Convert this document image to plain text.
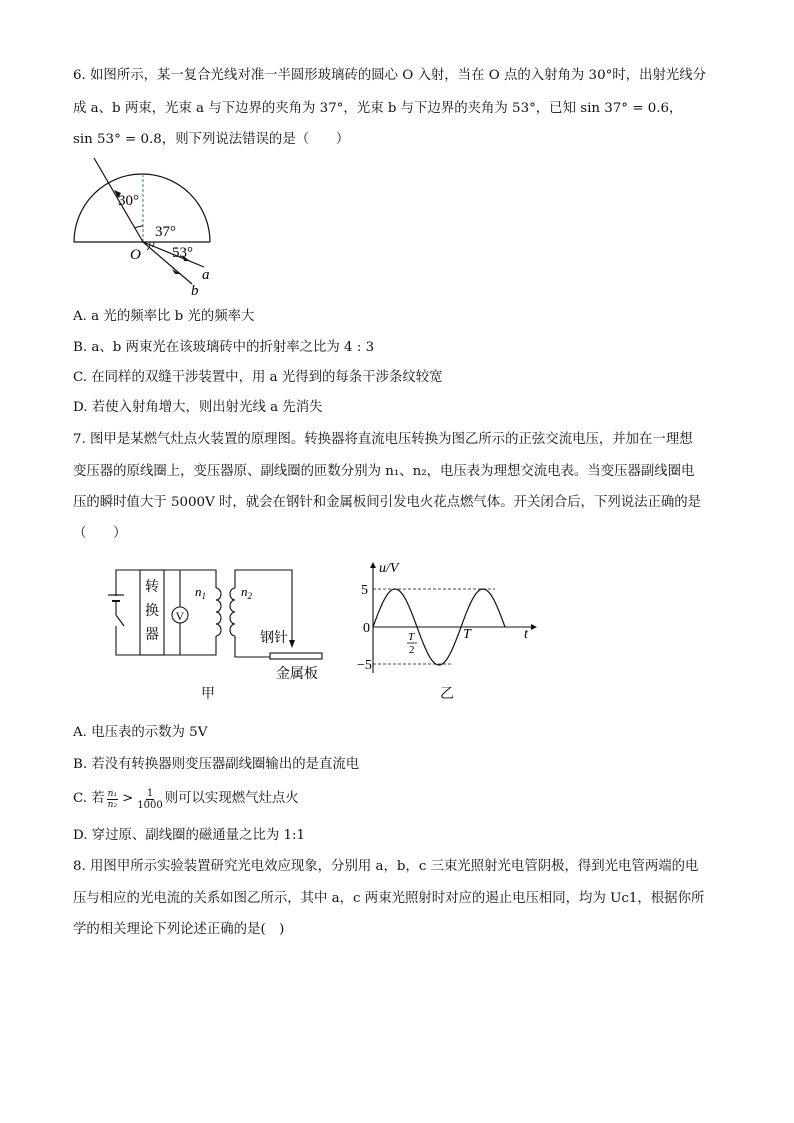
6. 如图所示，某一复合光线对准一半圆形玻璃砖的圆心 O 入射，当在 O 点的入射角为 30°时，出射光线分
成 a、b 两束，光束 a 与下边界的夹角为 37°，光束 b 与下边界的夹角为 53°，已知 sin 37° = 0.6，
sin 53° = 0.8，则下列说法错误的是（　　）
30°
37°
53°
O
a
b
A. a 光的频率比 b 光的频率大
B. a、b 两束光在该玻璃砖中的折射率之比为 4 : 3
C. 在同样的双缝干涉装置中，用 a 光得到的每条干涉条纹较宽
D. 若使入射角增大，则出射光线 a 先消失
7. 图甲是某燃气灶点火装置的原理图。转换器将直流电压转换为图乙所示的正弦交流电压，并加在一理想
变压器的原线圈上，变压器原、副线圈的匝数分别为 n₁、n₂，电压表为理想交流电表。当变压器副线圈电
压的瞬时值大于 5000V 时，就会在钢针和金属板间引发电火花点燃气体。开关闭合后，下列说法正确的是
（　　）
转
换
器
V
$n_1$	$n_2$
钢针
金属板
甲
u/V
t
5
−5
0
T
2
T
乙
A. 电压表的示数为 5V
B. 若没有转换器则变压器副线圈输出的是直流电
C. 若 $\frac{\text{n₁}}{\text{n₂}} > \frac{1}{1000}$ 则可以实现燃气灶点火
D. 穿过原、副线圈的磁通量之比为 1:1
8. 用图甲所示实验装置研究光电效应现象，分别用 a，b，c 三束光照射光电管阴极，得到光电管两端的电
压与相应的光电流的关系如图乙所示，其中 a，c 两束光照射时对应的遏止电压相同，均为 Uc1，根据你所
学的相关理论下列论述正确的是(　)
